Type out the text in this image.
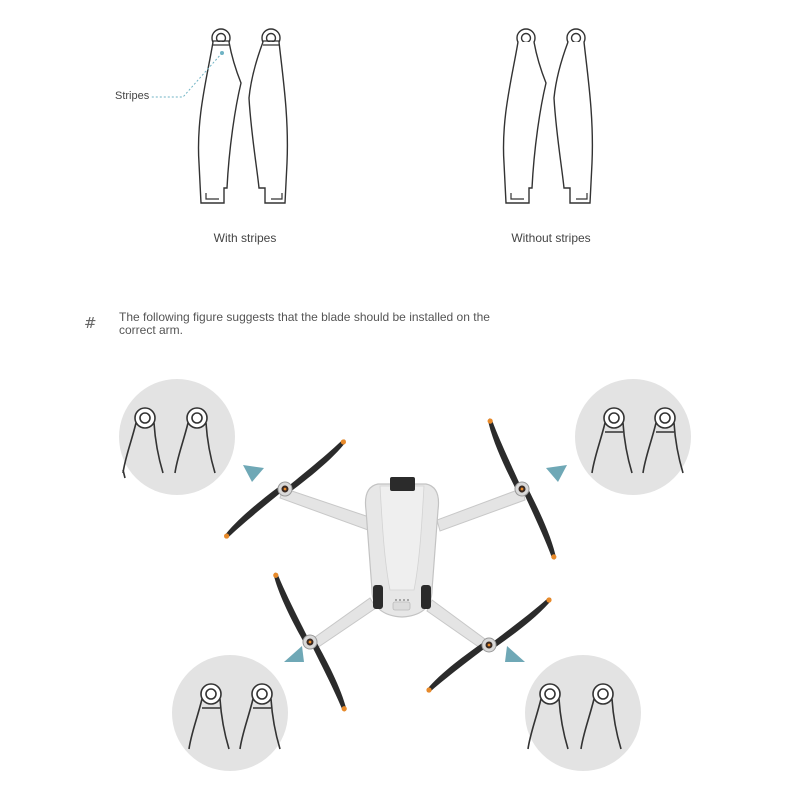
Stripes
With stripes	Without stripes
# The following figure suggests that the blade should be installed on the correct arm.
